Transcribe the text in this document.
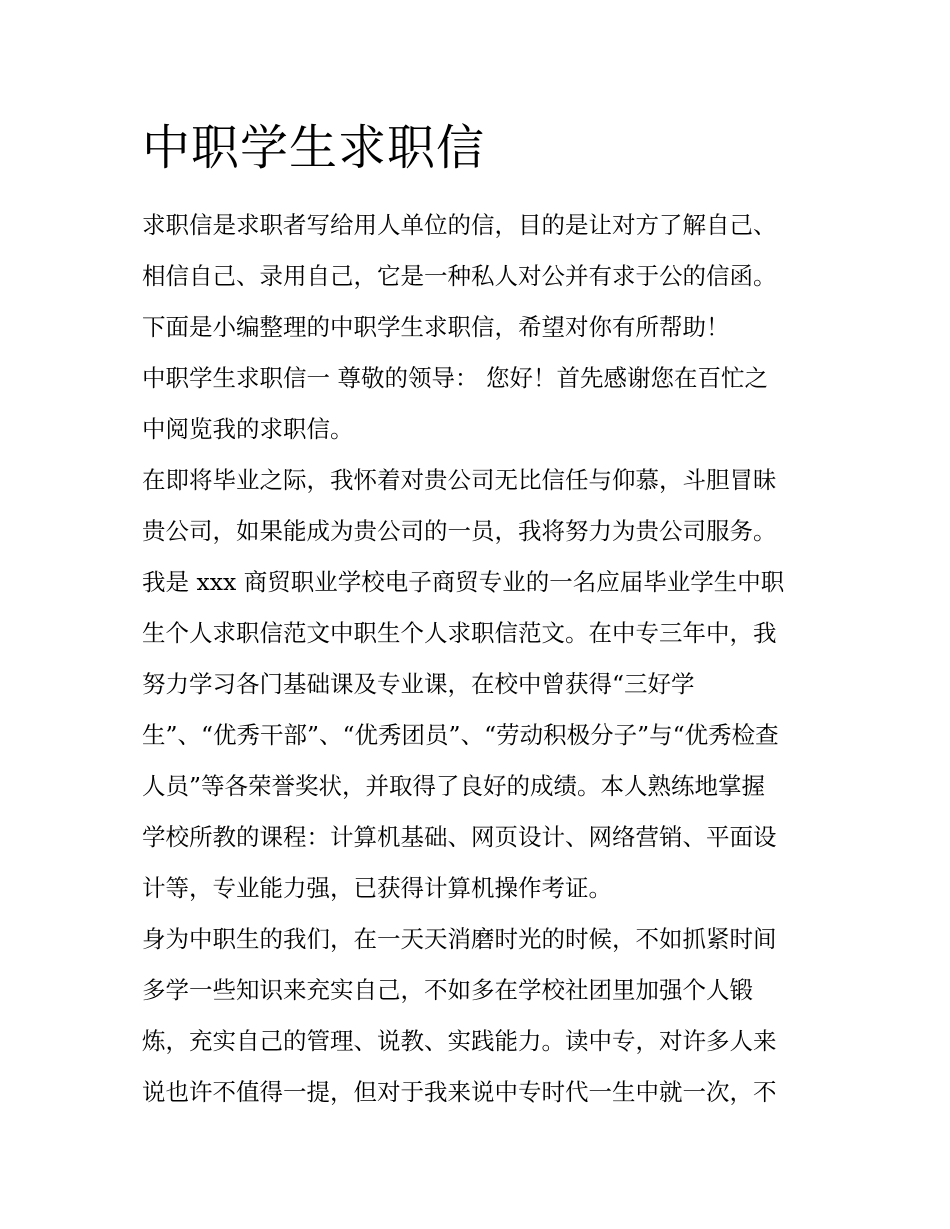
中职学生求职信
求职信是求职者写给用人单位的信，目的是让对方了解自己、
相信自己、录用自己，它是一种私人对公并有求于公的信函。
下面是小编整理的中职学生求职信，希望对你有所帮助！
中职学生求职信一 尊敬的领导： 您好！首先感谢您在百忙之
中阅览我的求职信。
在即将毕业之际，我怀着对贵公司无比信任与仰慕，斗胆冒昧
贵公司，如果能成为贵公司的一员，我将努力为贵公司服务。
我是 xxx 商贸职业学校电子商贸专业的一名应届毕业学生中职
生个人求职信范文中职生个人求职信范文。在中专三年中，我
努力学习各门基础课及专业课，在校中曾获得“三好学
生”、“优秀干部”、“优秀团员”、“劳动积极分子”与“优秀检查
人员”等各荣誉奖状，并取得了良好的成绩。本人熟练地掌握
学校所教的课程：计算机基础、网页设计、网络营销、平面设
计等，专业能力强，已获得计算机操作考证。
身为中职生的我们，在一天天消磨时光的时候，不如抓紧时间
多学一些知识来充实自己，不如多在学校社团里加强个人锻
炼，充实自己的管理、说教、实践能力。读中专，对许多人来
说也许不值得一提，但对于我来说中专时代一生中就一次，不
